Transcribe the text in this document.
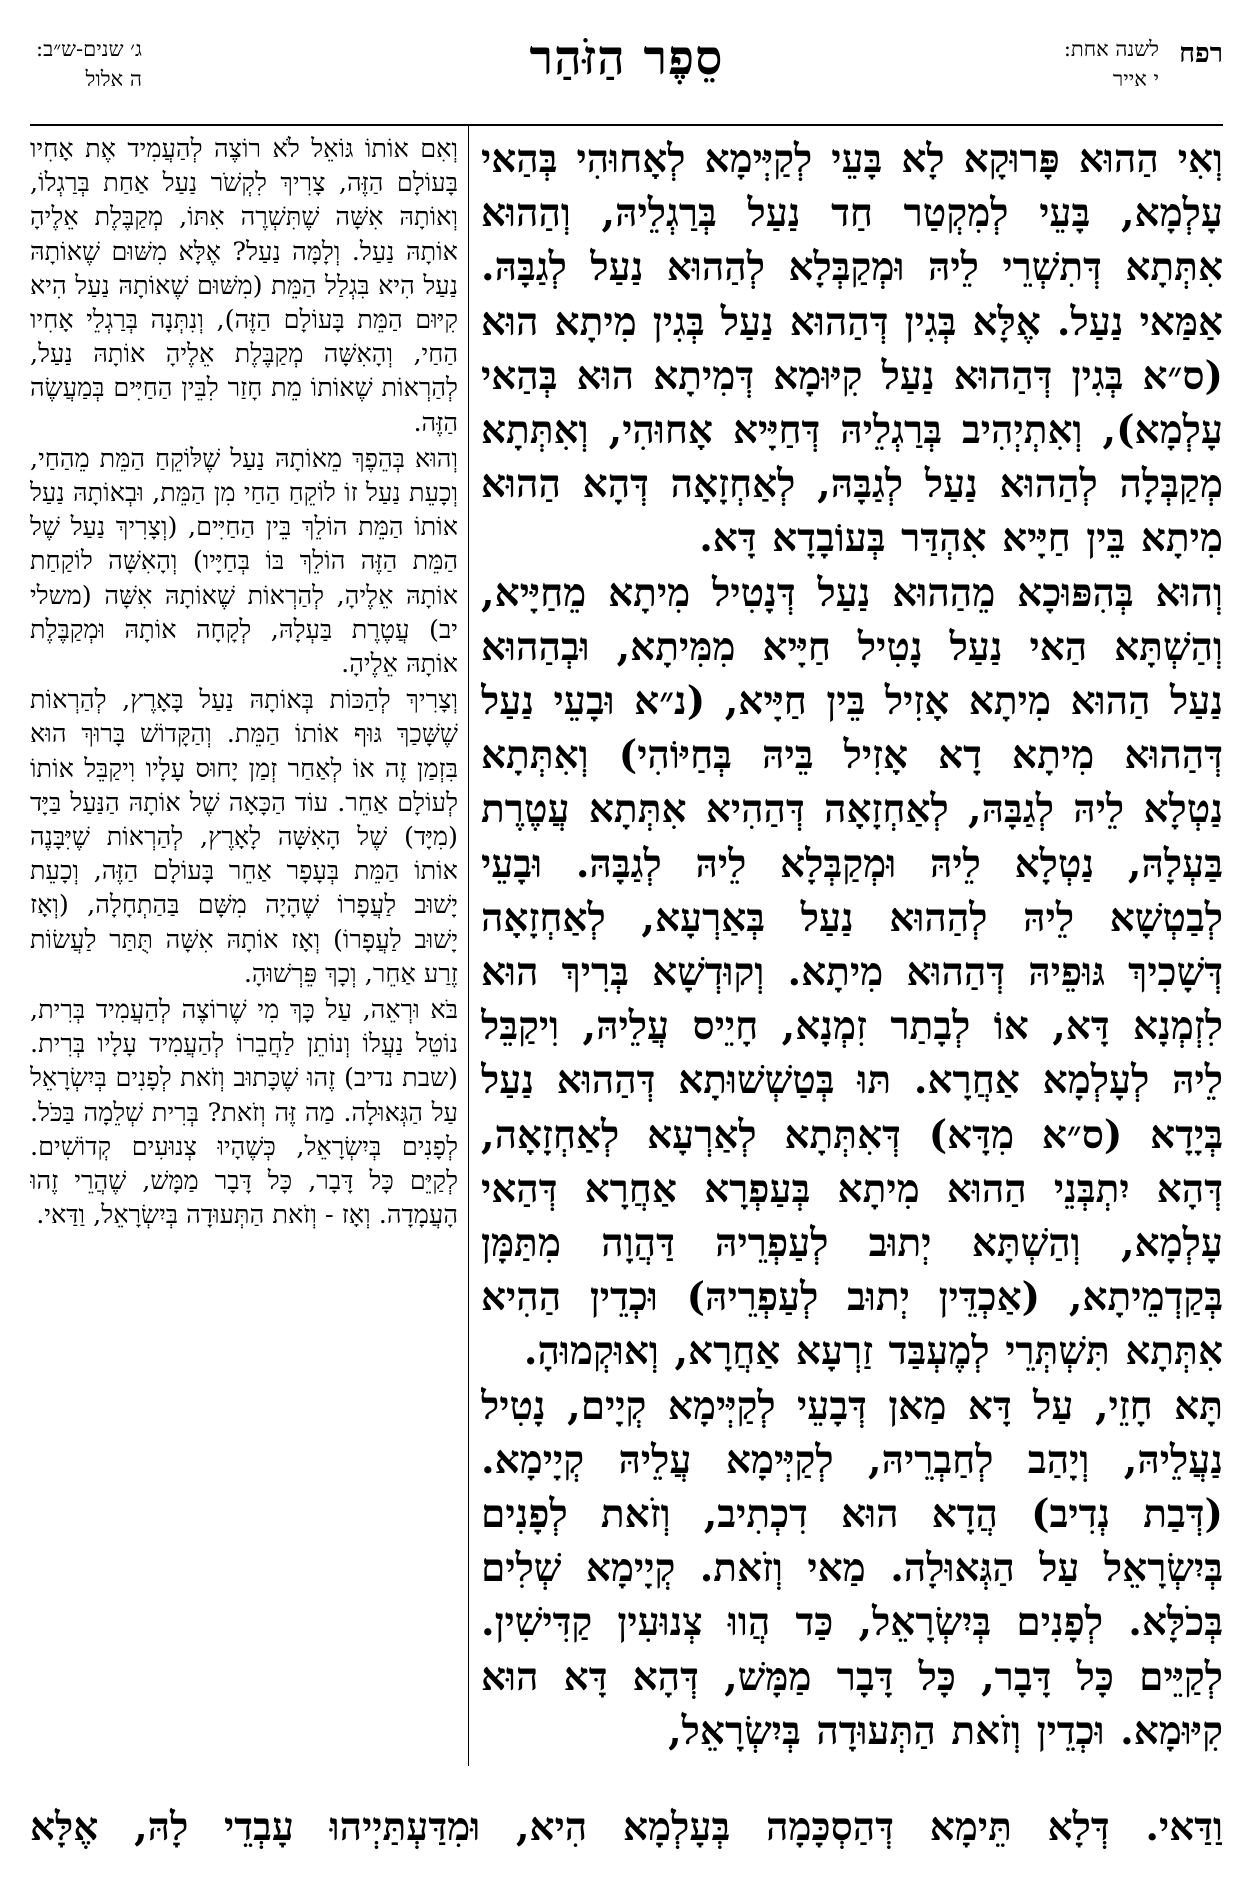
רפח
לשנה אחת:
י אייר
סֵפֶר הַזֹּהַר
ג׳ שנים-ש״ב:
ה אלול

וְאִי הַהוּא פָּרוּקָא לָא בָּעֵי לְקַיְּימָא לְאָחוּהִי בְּהַאי עָלְמָא, בָּעֵי לְמִקְטַר חַד נַעַל בְּרַגְלֵיהּ, וְהַהוּא אִתְּתָא דְּתִשְׁרֵי לֵיהּ וּמְקַבְּלָא לְהַהוּא נַעַל לְגַבָּהּ. אַמַּאי נַעַל. אֶלָּא בְּגִין דְּהַהוּא נַעַל בְּגִין מִיתָא הוּא (ס״א בְּגִין דְּהַהוּא נַעַל קִיּוּמָא דְּמִיתָא הוּא בְּהַאי עָלְמָא), וְאִתְיְהִיב בְּרַגְלֵיהּ דְּחַיָּיא אָחוּהִי, וְאִתְּתָא מְקַבְּלָה לְהַהוּא נַעַל לְגַבָּהּ, לְאַחְזָאָה דְּהָא הַהוּא מִיתָא בֵּין חַיָּיא אִהְדַּר בְּעוֹבָדָא דָּא.

וְהוּא בְּהִפּוּכָא מֵהַהוּא נַעַל דְּנָטִיל מִיתָא מֵחַיָּיא, וְהַשְׁתָּא הַאי נַעַל נָטִיל חַיָּיא מִמִּיתָא, וּבְהַהוּא נַעַל הַהוּא מִיתָא אָזִיל בֵּין חַיָּיא, (נ״א וּבָעֵי נַעַל דְּהַהוּא מִיתָא דָא אָזִיל בֵּיהּ בְּחַיּוֹהִי) וְאִתְּתָא נַטְלָא לֵיהּ לְגַבָּהּ, לְאַחְזָאָה דְּהַהִיא אִתְּתָא עֲטֶרֶת בַּעְלָהּ, נַטְלָא לֵיהּ וּמְקַבְּלָא לֵיהּ לְגַבָּהּ. וּבָעֵי לְבַטְשָׁא לֵיהּ לְהַהוּא נַעַל בְּאַרְעָא, לְאַחְזָאָה דְּשָׁכִיךְ גּוּפֵיהּ דְּהַהוּא מִיתָא. וְקוּדְשָׁא בְּרִיךְ הוּא לִזְמְנָא דָּא, אוֹ לְבָתַר זִמְנָא, חָיֵיס עֲלֵיהּ, וִיקַבֵּל לֵיהּ לְעָלְמָא אַחֲרָא. תּוּ בְּטַשְׁשׁוּתָא דְּהַהוּא נַעַל בְּיָדָא (ס״א מִדָּא) דְּאִתְּתָא לְאַרְעָא לְאַחְזָאָה, דְּהָא יִתְבְּנֵי הַהוּא מִיתָא בְּעַפְרָא אַחֲרָא דְּהַאי עָלְמָא, וְהַשְׁתָּא יְתוּב לְעַפְרֵיהּ דַּהֲוָה מִתַּמָּן בְּקַדְמֵיתָא, (אַכְדֵּין יְתוּב לְעַפְרֵיהּ) וּכְדֵין הַהִיא אִתְּתָא תִּשְׁתְּרֵי לְמֶעְבַּד זַרְעָא אַחֲרָא, וְאוּקְמוּהָ.

תָּא חָזֵי, עַל דָּא מַאן דְּבָעֵי לְקַיְּימָא קְיָים, נָטִיל נַעֲלֵיהּ, וְיָהַב לְחַבְרֵיהּ, לְקַיְּימָא עֲלֵיהּ קְיָימָא. (דְּבַת נְדִיב) הֲדָא הוּא דִכְתִיב, וְזֹאת לְפָנִים בְּיִשְׂרָאֵל עַל הַגְּאוּלָה. מַאי וְזֹאת. קְיָימָא שְׁלִים בְּכֹלָּא. לְפָנִים בְּיִשְׂרָאֵל, כַּד הֲווּ צְנוּעִין קַדִּישִׁין. לְקַיֵּים כָּל דָּבָר, כָּל דָּבָר מַמָּשׁ, דְּהָא דָּא הוּא קִיּוּמָא. וּכְדֵין וְזֹאת הַתְּעוּדָה בְּיִשְׂרָאֵל,

וְאִם אוֹתוֹ גּוֹאֵל לֹא רוֹצֶה לְהַעֲמִיד אֶת אָחִיו בָּעוֹלָם הַזֶּה, צָרִיךְ לִקְשֹׁר נַעַל אַחַת בְּרַגְלוֹ, וְאוֹתָהּ אִשָּׁה שֶׁתִּשְׁרֶה אִתּוֹ, מְקַבֶּלֶת אֵלֶיהָ אוֹתָהּ נַעַל. וְלָמָּה נַעַל? אֶלָּא מִשּׁוּם שֶׁאוֹתָהּ נַעַל הִיא בִּגְלַל הַמֵּת (מִשּׁוּם שֶׁאוֹתָהּ נַעַל הִיא קִיּוּם הַמֵּת בָּעוֹלָם הַזֶּה), וְנִתְּנָה בְּרַגְלֵי אָחִיו הַחַי, וְהָאִשָּׁה מְקַבֶּלֶת אֵלֶיהָ אוֹתָהּ נַעַל, לְהַרְאוֹת שֶׁאוֹתוֹ מֵת חָזַר לִבֵּין הַחַיִּים בְּמַעֲשֶׂה הַזֶּה.

וְהוּא בְּהֵפֶךְ מֵאוֹתָהּ נַעַל שֶׁלּוֹקֵחַ הַמֵּת מֵהַחַי, וְכָעֵת נַעַל זוֹ לוֹקֵחַ הַחַי מִן הַמֵּת, וּבְאוֹתָהּ נַעַל אוֹתוֹ הַמֵּת הוֹלֵךְ בֵּין הַחַיִּים, (וְצָרִיךְ נַעַל שֶׁל הַמֵּת הַזֶּה הוֹלֵךְ בּוֹ בְּחַיָּיו) וְהָאִשָּׁה לוֹקַחַת אוֹתָהּ אֵלֶיהָ, לְהַרְאוֹת שֶׁאוֹתָהּ אִשָּׁה (משלי יב) עֲטֶרֶת בַּעְלָהּ, לְקָחָה אוֹתָהּ וּמְקַבֶּלֶת אוֹתָהּ אֵלֶיהָ.

וְצָרִיךְ לְהַכּוֹת בְּאוֹתָהּ נַעַל בָּאָרֶץ, לְהַרְאוֹת שֶׁשָּׁכַךְ גּוּף אוֹתוֹ הַמֵּת. וְהַקָּדוֹשׁ בָּרוּךְ הוּא בִּזְמַן זֶה אוֹ לְאַחַר זְמַן יָחוּס עָלָיו וִיקַבֵּל אוֹתוֹ לְעוֹלָם אַחֵר. עוֹד הַכָּאָה שֶׁל אוֹתָהּ הַנַּעַל בַּיָּד (מִיָּד) שֶׁל הָאִשָּׁה לָאָרֶץ, לְהַרְאוֹת שֶׁיִּבָּנֶה אוֹתוֹ הַמֵּת בְּעָפָר אַחֵר בָּעוֹלָם הַזֶּה, וְכָעֵת יָשׁוּב לַעֲפָרוֹ שֶׁהָיָה מִשָּׁם בַּהַתְחָלָה, (וְאָז יָשׁוּב לַעֲפָרוֹ) וְאָז אוֹתָהּ אִשָּׁה תֻּתַּר לַעֲשׂוֹת זֶרַע אַחֵר, וְכָךְ פֵּרְשׁוּהָ.

בֹּא וּרְאֵה, עַל כָּךְ מִי שֶׁרוֹצֶה לְהַעֲמִיד בְּרִית, נוֹטֵל נַעֲלוֹ וְנוֹתֵן לַחֲבֵרוֹ לְהַעֲמִיד עָלָיו בְּרִית. (שבת נדיב) זֶהוּ שֶׁכָּתוּב וְזֹאת לְפָנִים בְּיִשְׂרָאֵל עַל הַגְּאוּלָה. מַה זֶּה וְזֹאת? בְּרִית שְׁלֵמָה בַּכֹּל. לְפָנִים בְּיִשְׂרָאֵל, כְּשֶׁהָיוּ צְנוּעִים קְדוֹשִׁים. לְקַיֵּם כָּל דָּבָר, כָּל דָּבָר מַמָּשׁ, שֶׁהֲרֵי זֶהוּ הָעֲמָדָה. וְאָז - וְזֹאת הַתְּעוּדָה בְּיִשְׂרָאֵל, וַדַּאי.

וַדַּאי. דְּלָא תֵּימָא דְּהַסְכָּמָה בְּעָלְמָא הִיא, וּמִדַּעְתַּיְיהוּ עָבְדֵי לָהּ, אֶלָּא
